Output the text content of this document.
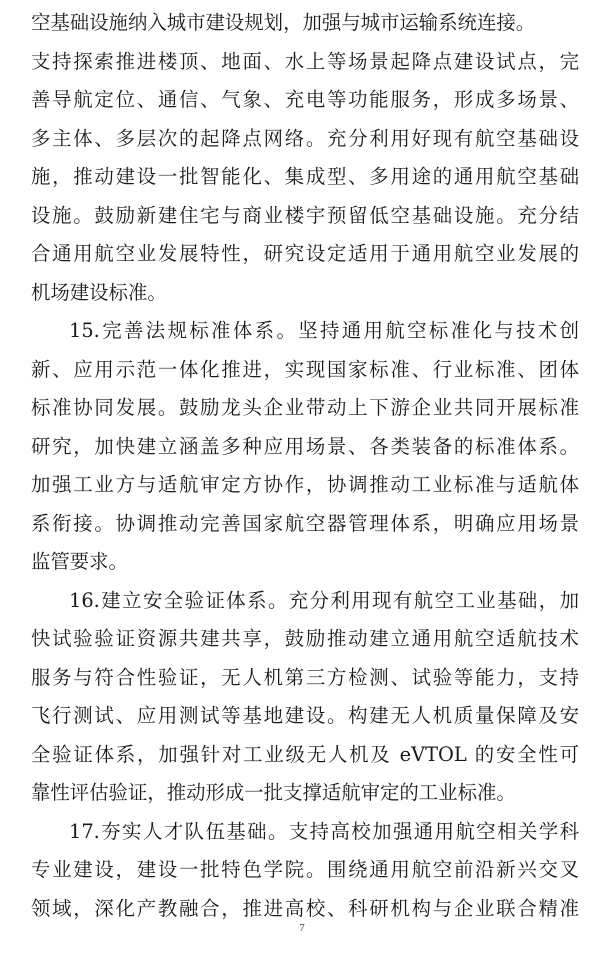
空基础设施纳入城市建设规划，加强与城市运输系统连接。
支持探索推进楼顶、地面、水上等场景起降点建设试点，完
善导航定位、通信、气象、充电等功能服务，形成多场景、
多主体、多层次的起降点网络。充分利用好现有航空基础设
施，推动建设一批智能化、集成型、多用途的通用航空基础
设施。鼓励新建住宅与商业楼宇预留低空基础设施。充分结
合通用航空业发展特性，研究设定适用于通用航空业发展的
机场建设标准。
15.完善法规标准体系。坚持通用航空标准化与技术创
新、应用示范一体化推进，实现国家标准、行业标准、团体
标准协同发展。鼓励龙头企业带动上下游企业共同开展标准
研究，加快建立涵盖多种应用场景、各类装备的标准体系。
加强工业方与适航审定方协作，协调推动工业标准与适航体
系衔接。协调推动完善国家航空器管理体系，明确应用场景
监管要求。
16.建立安全验证体系。充分利用现有航空工业基础，加
快试验验证资源共建共享，鼓励推动建立通用航空适航技术
服务与符合性验证，无人机第三方检测、试验等能力，支持
飞行测试、应用测试等基地建设。构建无人机质量保障及安
全验证体系，加强针对工业级无人机及 eVTOL 的安全性可
靠性评估验证，推动形成一批支撑适航审定的工业标准。
17.夯实人才队伍基础。支持高校加强通用航空相关学科
专业建设，建设一批特色学院。围绕通用航空前沿新兴交叉
领域，深化产教融合，推进高校、科研机构与企业联合精准
7
